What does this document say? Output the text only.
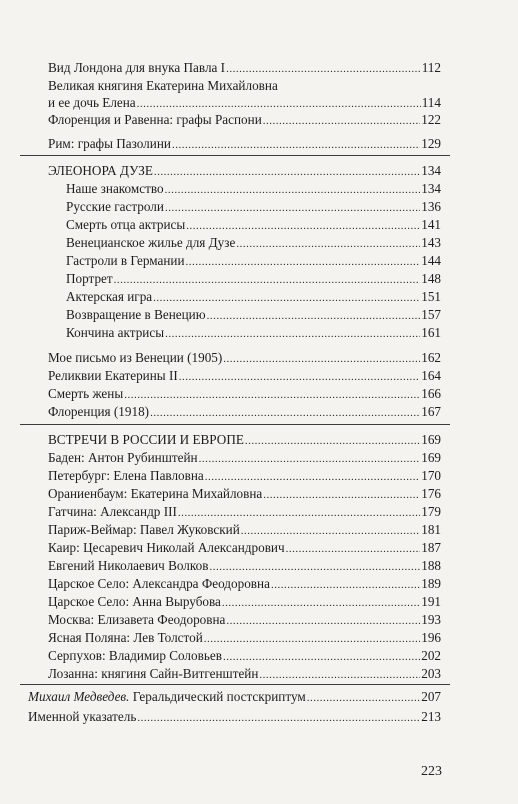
Вид Лондона для внука Павла I .....	112
Великая княгиня Екатерина Михайловна
и ее дочь Елена .....	114
Флоренция и Равенна: графы Распони .....	122
Рим: графы Пазолини .....	129
ЭЛЕОНОРА ДУЗЕ .....	134
Наше знакомство .....	134
Русские гастроли .....	136
Смерть отца актрисы .....	141
Венецианское жилье для Дузе .....	143
Гастроли в Германии .....	144
Портрет .....	148
Актерская игра .....	151
Возвращение в Венецию .....	157
Кончина актрисы .....	161
Мое письмо из Венеции (1905) .....	162
Реликвии Екатерины II .....	164
Смерть жены .....	166
Флоренция (1918) .....	167
ВСТРЕЧИ В РОССИИ И ЕВРОПЕ .....	169
Баден: Антон Рубинштейн .....	169
Петербург: Елена Павловна .....	170
Ораниенбаум: Екатерина Михайловна .....	176
Гатчина: Александр III .....	179
Париж-Веймар: Павел Жуковский .....	181
Каир: Цесаревич Николай Александрович .....	187
Евгений Николаевич Волков .....	188
Царское Село: Александра Феодоровна .....	189
Царское Село: Анна Вырубова .....	191
Москва: Елизавета Феодоровна .....	193
Ясная Поляна: Лев Толстой .....	196
Серпухов: Владимир Соловьев .....	202
Лозанна: княгиня Сайн-Витгенштейн .....	203
Михаил Медведев. Геральдический постскриптум .....	207
Именной указатель .....	213
223
